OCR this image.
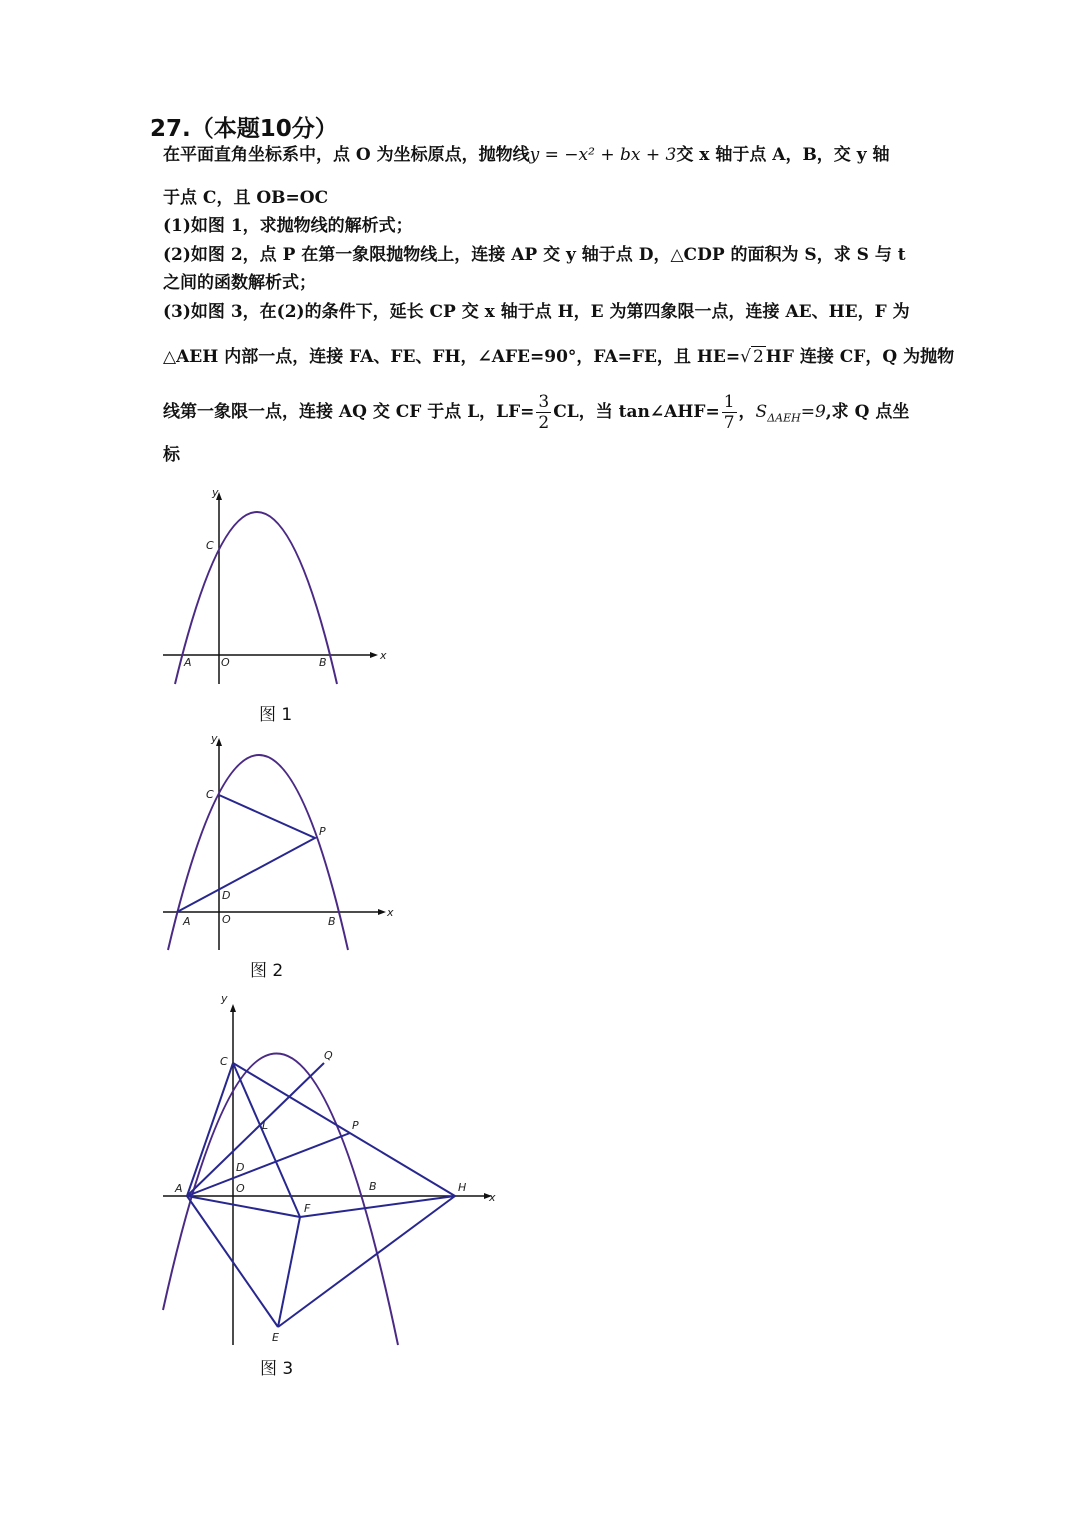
27.（本题10分）
在平面直角坐标系中，点 O 为坐标原点，抛物线y = −x² + bx + 3交 x 轴于点 A，B，交 y 轴
于点 C，且 OB=OC
(1)如图 1，求抛物线的解析式；
(2)如图 2，点 P 在第一象限抛物线上，连接 AP 交 y 轴于点 D，△CDP 的面积为 S，求 S 与 t
之间的函数解析式；
(3)如图 3，在(2)的条件下，延长 CP 交 x 轴于点 H，E 为第四象限一点，连接 AE、HE，F 为
△AEH 内部一点，连接 FA、FE、FH，∠AFE=90°，FA=FE，且 HE=√ 2 HF 连接 CF，Q 为抛物
线第一象限一点，连接 AQ 交 CF 于点 L，$LF= \frac{3}{2}$ CL，当 tan∠AHF= $\frac{1}{7}$ ，$S_{\Delta AEH}=9$,求 Q 点坐
标
y
x
C
A	O	B
y
x
C
P
D
A	O	B
y
x
C	Q
L	P
D
A	O	B	H
F
E
图 1
图 2
图 3
